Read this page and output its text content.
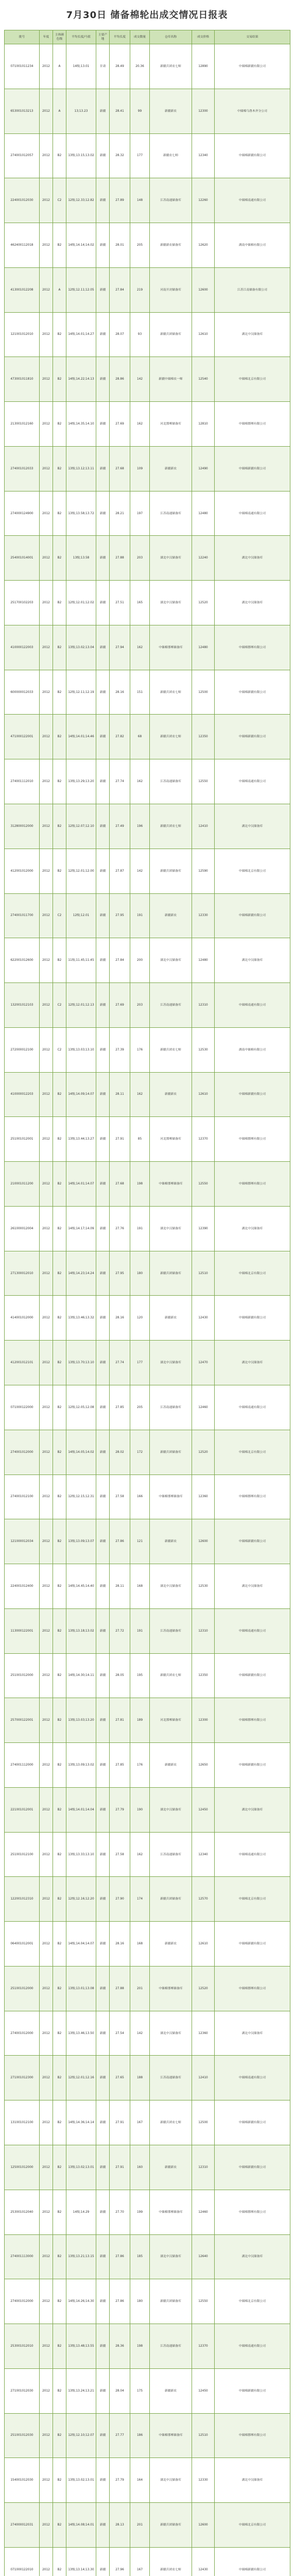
7月30日 储备棉轮出成交情况日报表
批号	年度	主体颜色级	平均长度/马值	主要产地	平均长度	成交数量	仓库名称	成交价格	交易结果
071001011234	2012	A	14级;13.01	甘肃	28.49	20.36	新疆兵团农七师	12890	中储棉新疆有限公司
653001013213	2012	A	13;13.23	新疆	28.41	99	新疆新农	12300	中储棉乌鲁木齐分公司
274001012057	2012	B2	13级;13.15;13.02	新疆	28.32	177	新疆农七师	12340	中储棉新疆有限公司
224001012030	2012	C2	12级;12.33;12.82	新疆	27.89	148	江苏南通储备库	12260	中储棉南通有限公司
462400112018	2012	B2	14级;14.14;14.02	新疆	28.01	205	新疆新农储备库	12620	湖南中储棉有限公司
413001012208	2012	A	12级;12.11;12.05	新疆	27.84	219	河南开封储备库	12600	江苏江南储备有限公司
121001012010	2012	B2	14级;14.01;14.27	新疆	28.07	93	新疆兵团储备库	12610	湖北中汉储备库
473001011810	2012	B2	14级;14.22;14.13	新疆	28.86	142	新疆中储棉农一师	12540	中储棉北京有限公司
213001012160	2012	B2	14级;14.35;14.10	新疆	27.69	162	河北邯郸储备库	12810	中储棉邯郸有限公司
274001012033	2012	B2	13级;13.12;13.11	新疆	27.68	109	新疆新农	12490	中储棉新疆有限公司
274000124900	2012	B2	13级;13.58;13.72	新疆	28.21	197	江苏南通储备库	12480	中储棉南通有限公司
254001014001	2012	B2	13级;13.58	新疆	27.88	203	湖北中汉储备库	12240	湖北中汉储备库
251700102203	2012	B2	12级;12.01;12.02	新疆	27.51	165	湖北中汉储备库	12520	湖北中汉储备库
410000122003	2012	B2	13级;13.02;13.04	新疆	27.94	162	中储棉邯郸储备库	12480	中储棉邯郸有限公司
600000012033	2012	B2	12级;12.11;12.19	新疆	28.16	151	新疆兵团农七师	12500	中储棉新疆有限公司
471000122001	2012	B2	14级;14.01;14.46	新疆	27.82	68	新疆兵团农七师	12350	中储棉新疆有限公司
274001112010	2012	B2	13级;13.29;13.20	新疆	27.74	162	江苏南通储备库	12550	中储棉南通有限公司
312800012000	2012	B2	12级;12.07;12.10	新疆	27.49	196	新疆兵团农七师	12410	湖北中汉储备库
412001012000	2012	B2	12级;12.01;12.00	新疆	27.87	142	新疆兵团储备库	12590	中储棉北京有限公司
274001011700	2012	C2	12级;12.01	新疆	27.95	191	新疆新农	12330	中储棉新疆有限公司
622001012600	2012	B2	11级;11.45;11.45	新疆	27.84	200	湖北中汉储备库	12480	湖北中汉储备库
132001012103	2012	C2	12级;12.01;12.13	新疆	27.69	203	江苏南通储备库	12310	中储棉南通有限公司
272000012100	2012	C2	13级;13.03;13.10	新疆	27.39	176	新疆兵团农七师	12530	湖南中储棉有限公司
410000012203	2012	B2	14级;14.09;14.07	新疆	28.11	162	新疆新农	12610	中储棉新疆有限公司
251001012001	2012	B2	13级;13.44;13.27	新疆	27.91	85	河北邯郸储备库	12370	中储棉邯郸有限公司
210001011200	2012	B2	14级;14.01;14.07	新疆	27.68	198	中储棉邯郸储备库	12550	中储棉邯郸有限公司
261000012004	2012	B2	14级;14.17;14.09	新疆	27.76	191	湖北中汉储备库	12390	湖北中汉储备库
271300012010	2012	B2	14级;14.23;14.24	新疆	27.95	180	新疆兵团储备库	12510	中储棉北京有限公司
414001012000	2012	B2	13级;13.46;13.32	新疆	28.16	120	新疆新农	12430	中储棉新疆有限公司
412001012101	2012	B2	13级;13.70;13.10	新疆	27.74	177	湖北中汉储备库	12470	湖北中汉储备库
071000122000	2012	B2	12级;12.05;12.08	新疆	27.85	205	江苏南通储备库	12460	中储棉南通有限公司
274001012000	2012	B2	14级;14.05;14.02	新疆	28.02	172	新疆兵团储备库	12520	中储棉北京有限公司
274001012100	2012	B2	12级;12.15;12.31	新疆	27.58	166	中储棉邯郸储备库	12360	中储棉邯郸有限公司
121000012034	2012	B2	13级;13.09;13.07	新疆	27.86	121	新疆新农	12600	中储棉新疆有限公司
224001012400	2012	B2	14级;14.45;14.40	新疆	28.11	168	湖北中汉储备库	12530	湖北中汉储备库
113000122001	2012	B2	13级;13.18;13.02	新疆	27.72	191	江苏南通储备库	12310	中储棉南通有限公司
251001012000	2012	B2	14级;14.30;14.11	新疆	28.05	195	新疆兵团农七师	12350	中储棉新疆有限公司
257000122001	2012	B2	13级;13.03;13.20	新疆	27.81	189	河北邯郸储备库	12300	中储棉邯郸有限公司
274001112000	2012	B2	13级;13.09;13.02	新疆	27.85	176	新疆新农	12650	中储棉新疆有限公司
221001012001	2012	B2	14级;14.01;14.04	新疆	27.79	190	湖北中汉储备库	12450	湖北中汉储备库
251001012100	2012	B2	13级;13.33;13.10	新疆	27.58	162	江苏南通储备库	12340	中储棉南通有限公司
122001012310	2012	B2	12级;12.16;12.20	新疆	27.90	174	新疆兵团储备库	12570	中储棉北京有限公司
064001012001	2012	B2	14级;14.04;14.07	新疆	28.16	168	新疆新农	12610	中储棉新疆有限公司
251001012000	2012	B2	13级;13.01;13.08	新疆	27.88	201	中储棉邯郸储备库	12520	中储棉邯郸有限公司
274001012000	2012	B2	13级;13.46;13.50	新疆	27.54	142	湖北中汉储备库	12360	湖北中汉储备库
271001012300	2012	B2	12级;12.01;12.16	新疆	27.65	188	江苏南通储备库	12410	中储棉南通有限公司
131001012100	2012	B2	14级;14.36;14.14	新疆	27.91	167	新疆兵团农七师	12500	中储棉新疆有限公司
125001012000	2012	B2	13级;13.02;13.01	新疆	27.91	160	新疆新农	12310	中储棉新疆有限公司
253001012040	2012	B2	14级;14.29	新疆	27.70	199	中储棉邯郸储备库	12460	中储棉邯郸有限公司
274001113000	2012	B2	13级;13.21;13.15	新疆	27.86	185	湖北中汉储备库	12640	湖北中汉储备库
274001012000	2012	B2	14级;14.26;14.30	新疆	27.86	180	新疆兵团储备库	12550	中储棉北京有限公司
253001012010	2012	B2	13级;13.48;13.55	新疆	28.36	198	江苏南通储备库	12370	中储棉南通有限公司
271001012030	2012	B2	13级;13.24;13.21	新疆	28.04	175	新疆新农	12450	中储棉新疆有限公司
251001012030	2012	B2	12级;12.10;12.07	新疆	27.77	186	中储棉邯郸储备库	12510	中储棉邯郸有限公司
154001012030	2012	B2	13级;13.02;13.01	新疆	27.79	164	湖北中汉储备库	12330	湖北中汉储备库
274000012031	2012	B2	14级;14.08;14.01	新疆	28.13	201	新疆兵团储备库	12600	中储棉北京有限公司
071000122010	2012	B2	13级;13.14;13.30	新疆	27.96	167	新疆兵团农七师	12430	中储棉新疆有限公司
